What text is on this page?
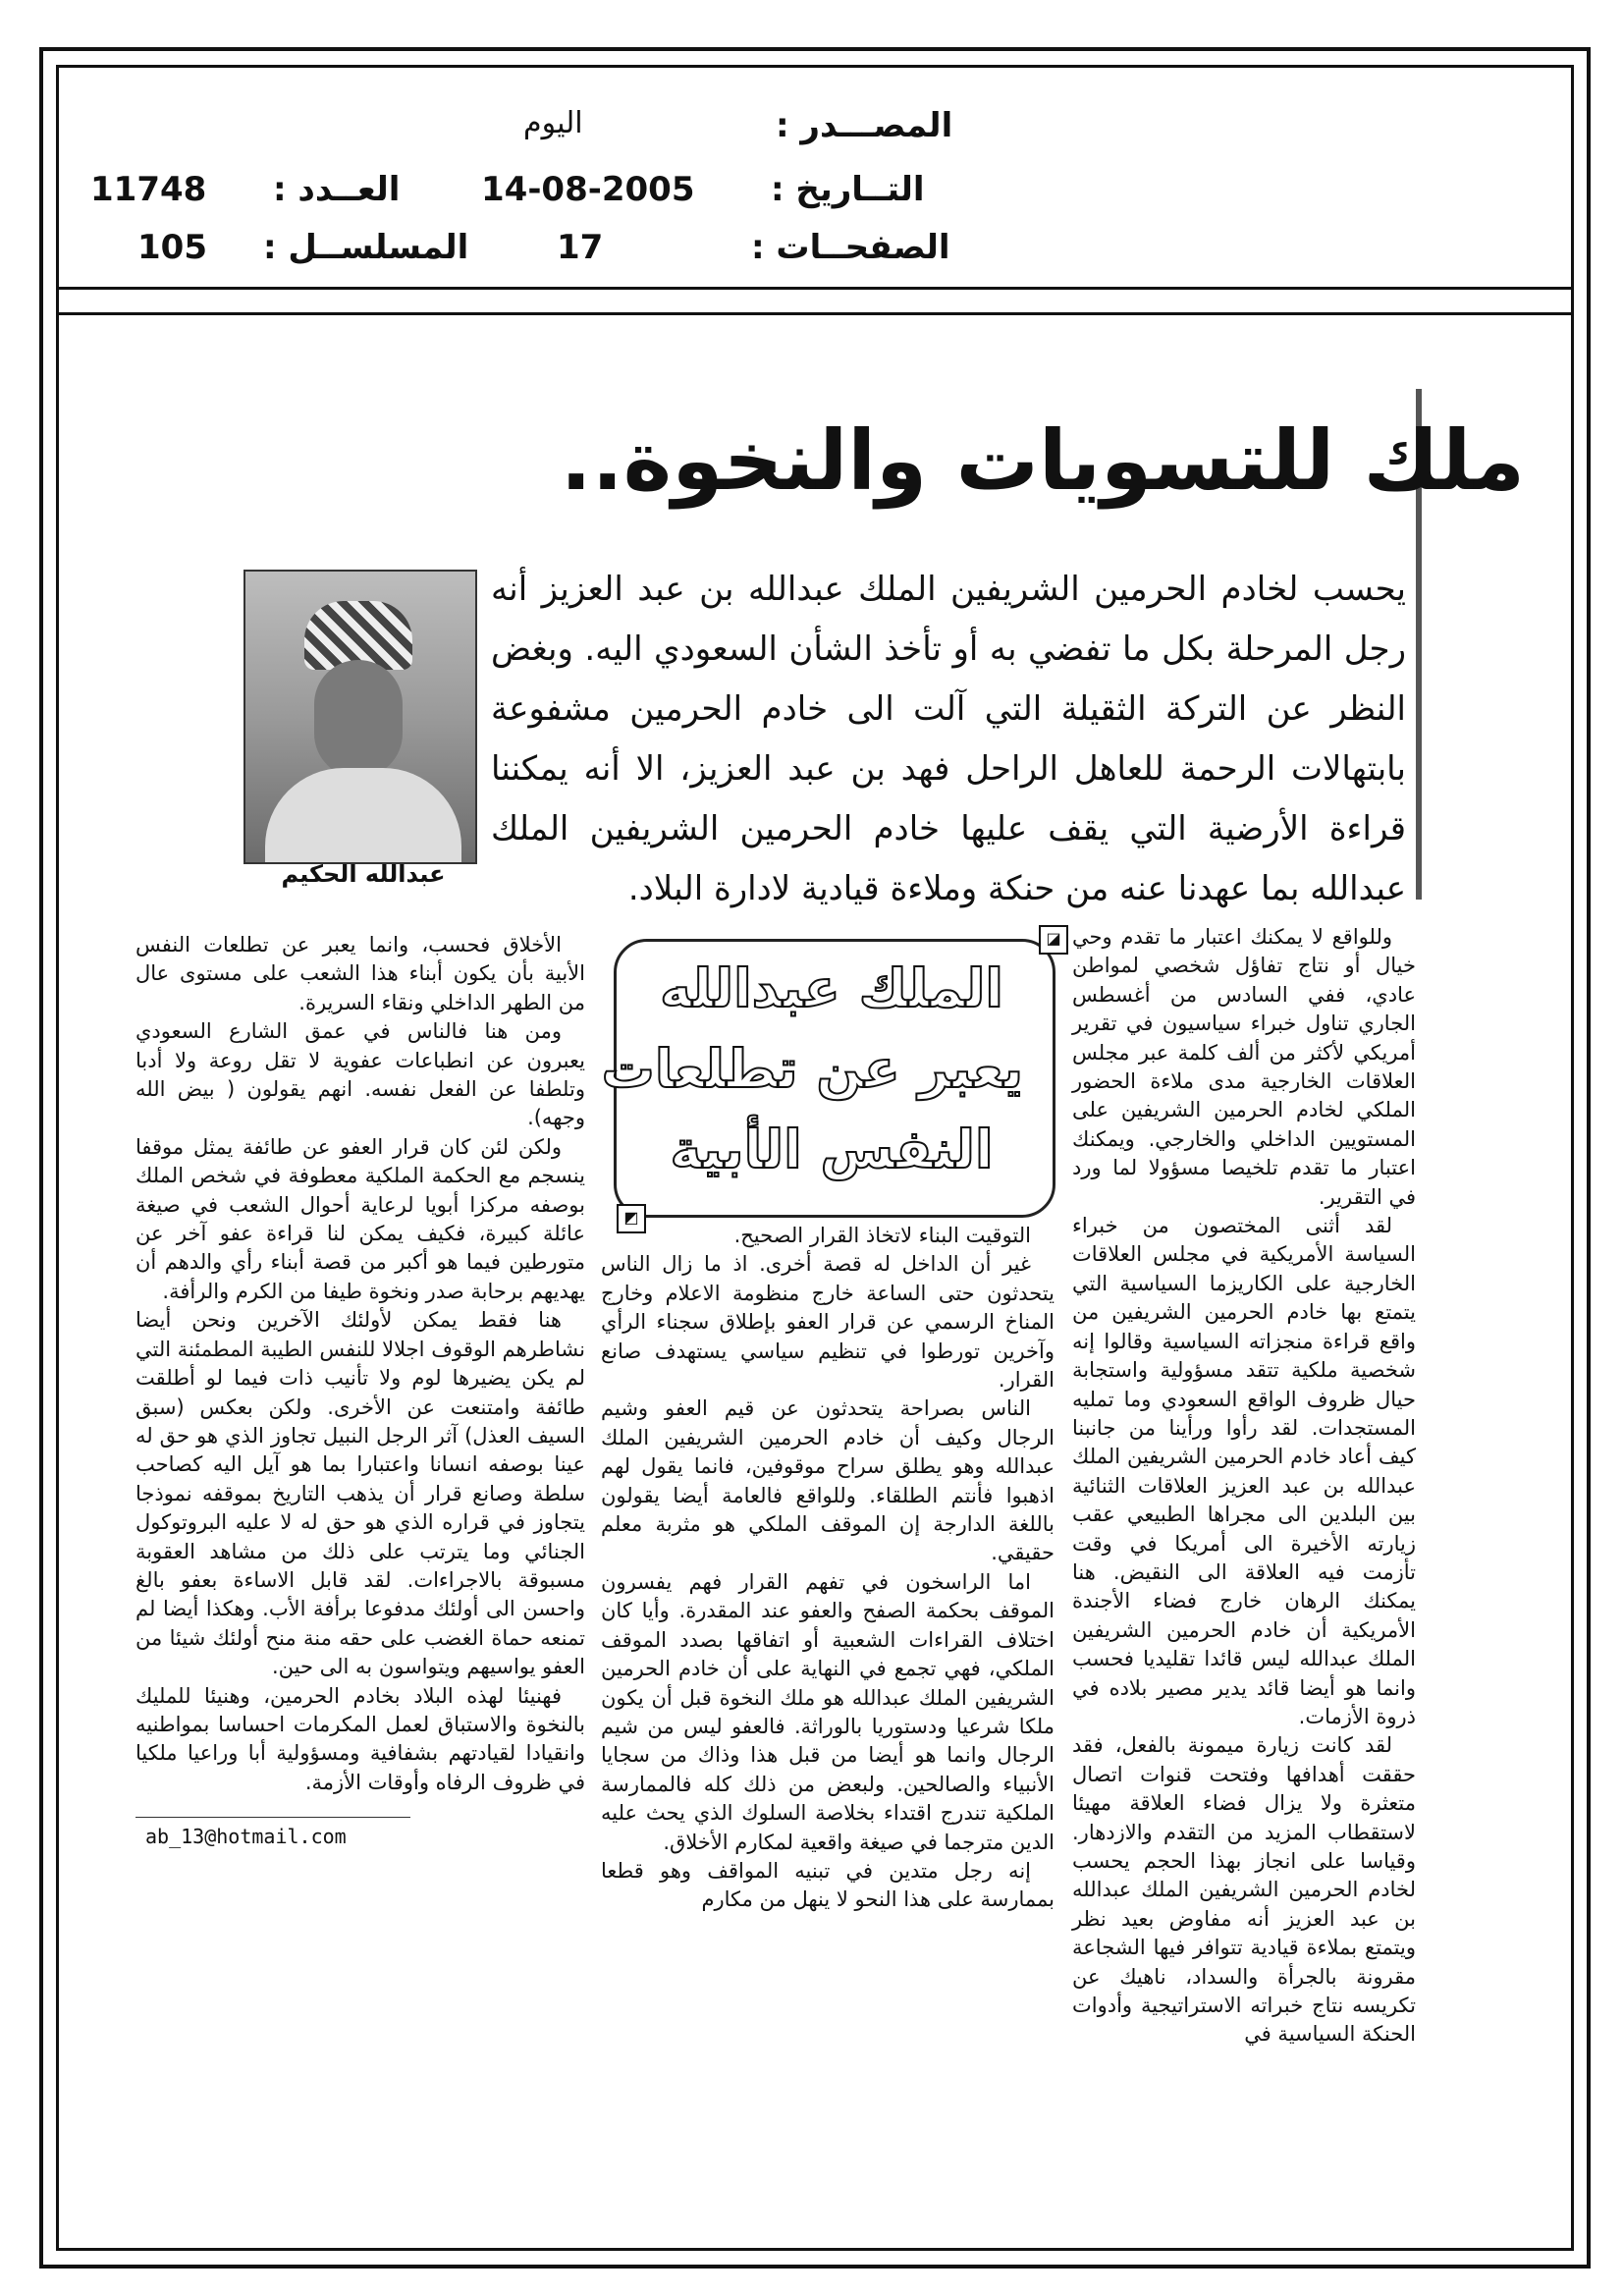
المصـــدر :
اليوم
التــاريخ :
14-08-2005
العــدد :
11748
الصفحــات :
17
المسلســل :
105
ملك للتسويات والنخوة..
عبدالله الحكيم
يحسب لخادم الحرمين الشريفين الملك عبدالله بن عبد العزيز أنه رجل المرحلة بكل ما تفضي به أو تأخذ الشأن السعودي اليه. وبغض النظر عن التركة الثقيلة التي آلت الى خادم الحرمين مشفوعة بابتهالات الرحمة للعاهل الراحل فهد بن عبد العزيز، الا أنه يمكننا قراءة الأرضية التي يقف عليها خادم الحرمين الشريفين الملك عبدالله بما عهدنا عنه من حنكة وملاءة قيادية لادارة البلاد.

وللواقع لا يمكنك اعتبار ما تقدم وحي خيال أو نتاج تفاؤل شخصي لمواطن عادي، ففي السادس من أغسطس الجاري تناول خبراء سياسيون في تقرير أمريكي لأكثر من ألف كلمة عبر مجلس العلاقات الخارجية مدى ملاءة الحضور الملكي لخادم الحرمين الشريفين على المستويين الداخلي والخارجي. ويمكنك اعتبار ما تقدم تلخيصا مسؤولا لما ورد في التقرير.

لقد أثنى المختصون من خبراء السياسة الأمريكية في مجلس العلاقات الخارجية على الكاريزما السياسية التي يتمتع بها خادم الحرمين الشريفين من واقع قراءة منجزاته السياسية وقالوا إنه شخصية ملكية تتقد مسؤولية واستجابة حيال ظروف الواقع السعودي وما تمليه المستجدات. لقد رأوا ورأينا من جانبنا كيف أعاد خادم الحرمين الشريفين الملك عبدالله بن عبد العزيز العلاقات الثنائية بين البلدين الى مجراها الطبيعي عقب زيارته الأخيرة الى أمريكا في وقت تأزمت فيه العلاقة الى النقيض. هنا يمكنك الرهان خارج فضاء الأجندة الأمريكية أن خادم الحرمين الشريفين الملك عبدالله ليس قائدا تقليديا فحسب وانما هو أيضا قائد يدير مصير بلاده في ذروة الأزمات.

لقد كانت زيارة ميمونة بالفعل، فقد حققت أهدافها وفتحت قنوات اتصال متعثرة ولا يزال فضاء العلاقة مهيئا لاستقطاب المزيد من التقدم والازدهار. وقياسا على انجاز بهذا الحجم يحسب لخادم الحرمين الشريفين الملك عبدالله بن عبد العزيز أنه مفاوض بعيد نظر ويتمتع بملاءة قيادية تتوافر فيها الشجاعة مقرونة بالجرأة والسداد، ناهيك عن تكريسه نتاج خبراته الاستراتيجية وأدوات الحنكة السياسية في

الملك عبدالله
يعبر عن تطلعات
النفس الأبية
◪
◩

التوقيت البناء لاتخاذ القرار الصحيح.

غير أن الداخل له قصة أخرى. اذ ما زال الناس يتحدثون حتى الساعة خارج منظومة الاعلام وخارج المناخ الرسمي عن قرار العفو بإطلاق سجناء الرأي وآخرين تورطوا في تنظيم سياسي يستهدف صانع القرار.

الناس بصراحة يتحدثون عن قيم العفو وشيم الرجال وكيف أن خادم الحرمين الشريفين الملك عبدالله وهو يطلق سراح موقوفين، فانما يقول لهم اذهبوا فأنتم الطلقاء. وللواقع فالعامة أيضا يقولون باللغة الدارجة إن الموقف الملكي هو مثربة معلم حقيقي.

اما الراسخون في تفهم القرار فهم يفسرون الموقف بحكمة الصفح والعفو عند المقدرة. وأيا كان اختلاف القراءات الشعبية أو اتفاقها بصدد الموقف الملكي، فهي تجمع في النهاية على أن خادم الحرمين الشريفين الملك عبدالله هو ملك النخوة قبل أن يكون ملكا شرعيا ودستوريا بالوراثة. فالعفو ليس من شيم الرجال وانما هو أيضا من قبل هذا وذاك من سجايا الأنبياء والصالحين. ولبعض من ذلك كله فالممارسة الملكية تندرج اقتداء بخلاصة السلوك الذي يحث عليه الدين مترجما في صيغة واقعية لمكارم الأخلاق.

إنه رجل متدين في تبنيه المواقف وهو قطعا بممارسة على هذا النحو لا ينهل من مكارم

الأخلاق فحسب، وانما يعبر عن تطلعات النفس الأبية بأن يكون أبناء هذا الشعب على مستوى عال من الطهر الداخلي ونقاء السريرة.

ومن هنا فالناس في عمق الشارع السعودي يعبرون عن انطباعات عفوية لا تقل روعة ولا أدبا وتلطفا عن الفعل نفسه. انهم يقولون ( بيض الله وجهه).

ولكن لئن كان قرار العفو عن طائفة يمثل موقفا ينسجم مع الحكمة الملكية معطوفة في شخص الملك بوصفه مركزا أبويا لرعاية أحوال الشعب في صيغة عائلة كبيرة، فكيف يمكن لنا قراءة عفو آخر عن متورطين فيما هو أكبر من قصة أبناء رأي والدهم أن يهديهم برحابة صدر ونخوة طيفا من الكرم والرأفة.

هنا فقط يمكن لأولئك الآخرين ونحن أيضا نشاطرهم الوقوف اجلالا للنفس الطيبة المطمئنة التي لم يكن يضيرها لوم ولا تأنيب ذات فيما لو أطلقت طائفة وامتنعت عن الأخرى. ولكن بعكس (سبق السيف العذل) آثر الرجل النبيل تجاوز الذي هو حق له عينا بوصفه انسانا واعتبارا بما هو آيل اليه كصاحب سلطة وصانع قرار أن يذهب التاريخ بموقفه نموذجا يتجاوز في قراره الذي هو حق له لا عليه البروتوكول الجنائي وما يترتب على ذلك من مشاهد العقوبة مسبوقة بالاجراءات. لقد قابل الاساءة بعفو بالغ واحسن الى أولئك مدفوعا برأفة الأب. وهكذا أيضا لم تمنعه حماة الغضب على حقه منة منح أولئك شيئا من العفو يواسيهم ويتواسون به الى حين.

فهنيئا لهذه البلاد بخادم الحرمين، وهنيئا للمليك بالنخوة والاستباق لعمل المكرمات احساسا بمواطنيه وانقيادا لقيادتهم بشفافية ومسؤولية أبا وراعيا ملكيا في ظروف الرفاه وأوقات الأزمة.

ab_13@hotmail.com
